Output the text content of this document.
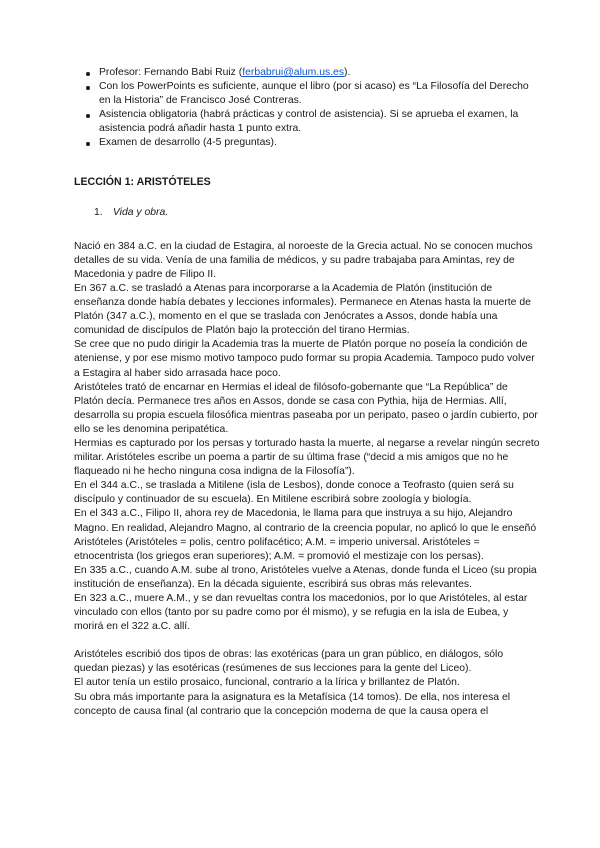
Profesor: Fernando Babi Ruiz (ferbabrui@alum.us.es).
Con los PowerPoints es suficiente, aunque el libro (por si acaso) es “La Filosofía del Derecho en la Historia” de Francisco José Contreras.
Asistencia obligatoria (habrá prácticas y control de asistencia). Si se aprueba el examen, la asistencia podrá añadir hasta 1 punto extra.
Examen de desarrollo (4-5 preguntas).
LECCIÓN 1: ARISTÓTELES
1. Vida y obra.

Nació en 384 a.C. en la ciudad de Estagira, al noroeste de la Grecia actual. No se conocen muchos detalles de su vida. Venía de una familia de médicos, y su padre trabajaba para Amintas, rey de Macedonia y padre de Filipo II.

En 367 a.C. se trasladó a Atenas para incorporarse a la Academia de Platón (institución de enseñanza donde había debates y lecciones informales). Permanece en Atenas hasta la muerte de Platón (347 a.C.), momento en el que se traslada con Jenócrates a Assos, donde había una comunidad de discípulos de Platón bajo la protección del tirano Hermias.

Se cree que no pudo dirigir la Academia tras la muerte de Platón porque no poseía la condición de ateniense, y por ese mismo motivo tampoco pudo formar su propia Academia. Tampoco pudo volver a Estagira al haber sido arrasada hace poco.

Aristóteles trató de encarnar en Hermias el ideal de filósofo-gobernante que “La República” de Platón decía. Permanece tres años en Assos, donde se casa con Pythia, hija de Hermias. Allí, desarrolla su propia escuela filosófica mientras paseaba por un peripato, paseo o jardín cubierto, por ello se les denomina peripatética.

Hermias es capturado por los persas y torturado hasta la muerte, al negarse a revelar ningún secreto militar. Aristóteles escribe un poema a partir de su última frase (“decid a mis amigos que no he flaqueado ni he hecho ninguna cosa indigna de la Filosofía”).

En el 344 a.C., se traslada a Mitilene (isla de Lesbos), donde conoce a Teofrasto (quien será su discípulo y continuador de su escuela). En Mitilene escribirá sobre zoología y biología.

En el 343 a.C., Filipo II, ahora rey de Macedonia, le llama para que instruya a su hijo, Alejandro Magno. En realidad, Alejandro Magno, al contrario de la creencia popular, no aplicó lo que le enseñó Aristóteles (Aristóteles = polis, centro polifacético; A.M. = imperio universal. Aristóteles = etnocentrista (los griegos eran superiores); A.M. = promovió el mestizaje con los persas).

En 335 a.C., cuando A.M. sube al trono, Aristóteles vuelve a Atenas, donde funda el Liceo (su propia institución de enseñanza). En la década siguiente, escribirá sus obras más relevantes.

En 323 a.C., muere A.M., y se dan revueltas contra los macedonios, por lo que Aristóteles, al estar vinculado con ellos (tanto por su padre como por él mismo), y se refugia en la isla de Eubea, y morirá en el 322 a.C. allí.

Aristóteles escribió dos tipos de obras: las exotéricas (para un gran público, en diálogos, sólo quedan piezas) y las esotéricas (resúmenes de sus lecciones para la gente del Liceo).

El autor tenía un estilo prosaico, funcional, contrario a la lírica y brillantez de Platón.

Su obra más importante para la asignatura es la Metafísica (14 tomos). De ella, nos interesa el concepto de causa final (al contrario que la concepción moderna de que la causa opera el
